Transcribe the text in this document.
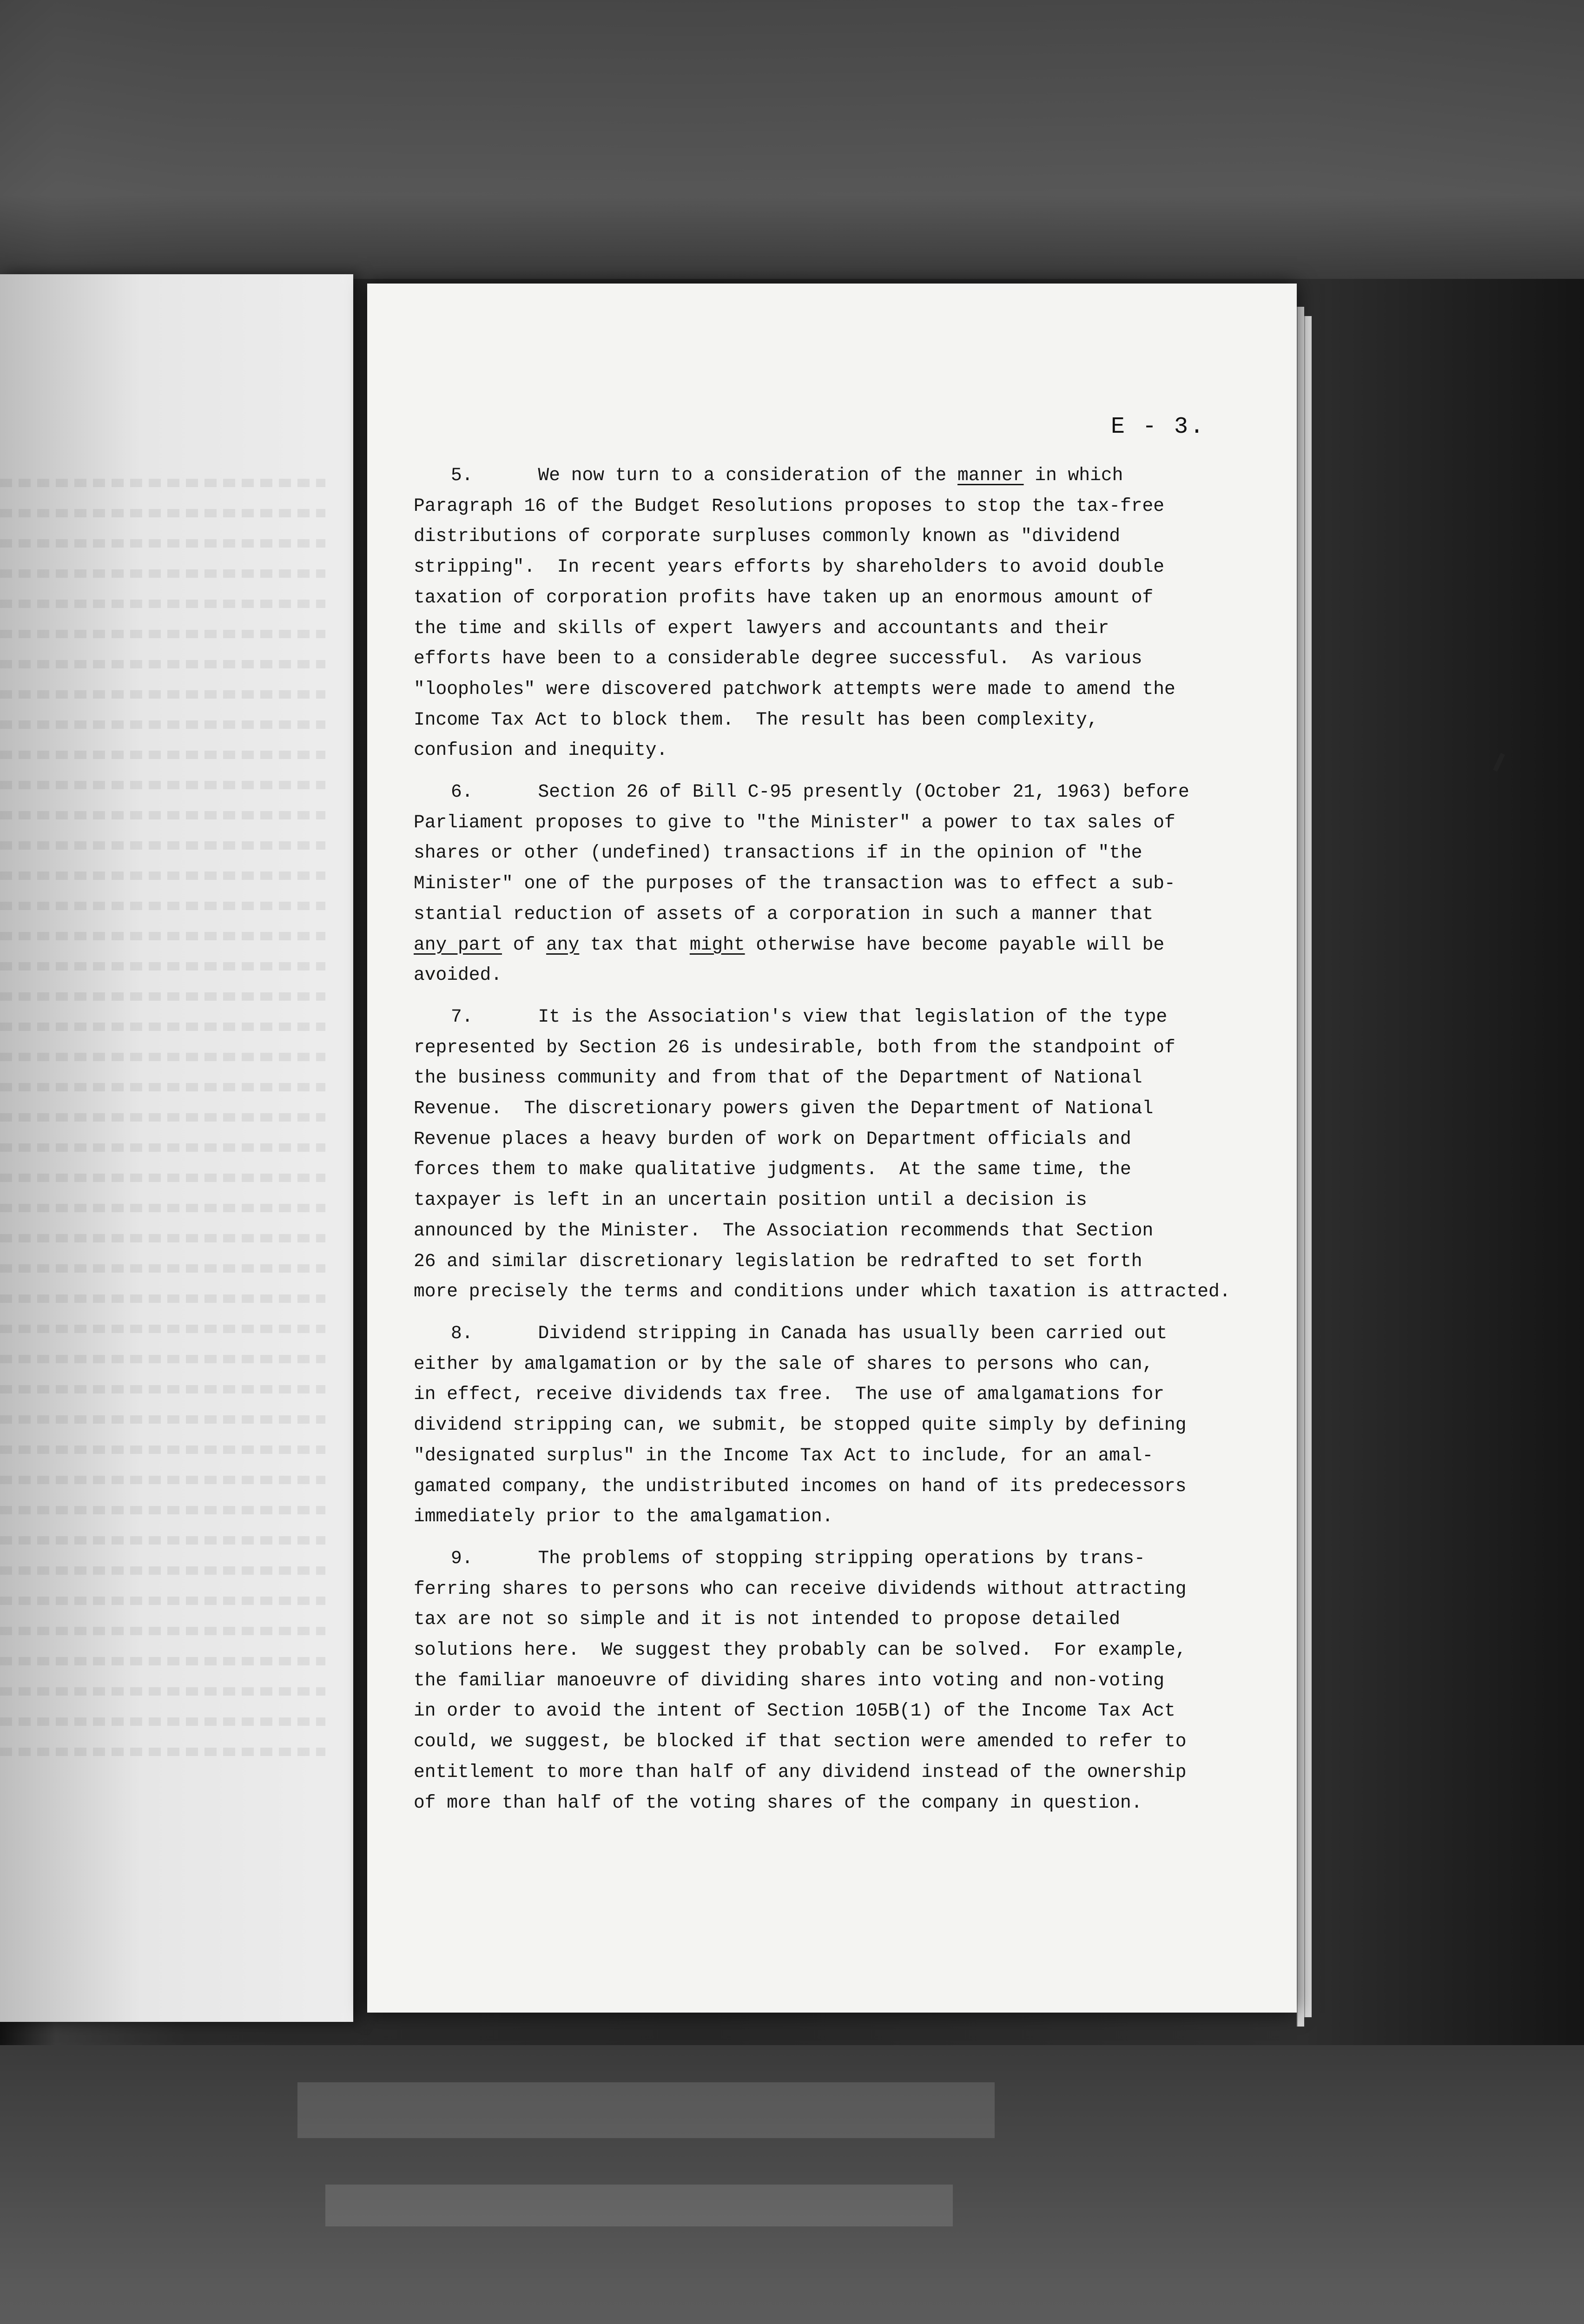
E - 3.
5.	We now turn to a consideration of the manner in which
Paragraph 16 of the Budget Resolutions proposes to stop the tax-free
distributions of corporate surpluses commonly known as "dividend
stripping".  In recent years efforts by shareholders to avoid double
taxation of corporation profits have taken up an enormous amount of
the time and skills of expert lawyers and accountants and their
efforts have been to a considerable degree successful.  As various
"loopholes" were discovered patchwork attempts were made to amend the
Income Tax Act to block them.  The result has been complexity,
confusion and inequity.
6.	Section 26 of Bill C-95 presently (October 21, 1963) before
Parliament proposes to give to "the Minister" a power to tax sales of
shares or other (undefined) transactions if in the opinion of "the
Minister" one of the purposes of the transaction was to effect a sub-
stantial reduction of assets of a corporation in such a manner that
any part of any tax that might otherwise have become payable will be
avoided.
7.	It is the Association's view that legislation of the type
represented by Section 26 is undesirable, both from the standpoint of
the business community and from that of the Department of National
Revenue.  The discretionary powers given the Department of National
Revenue places a heavy burden of work on Department officials and
forces them to make qualitative judgments.  At the same time, the
taxpayer is left in an uncertain position until a decision is
announced by the Minister.  The Association recommends that Section
26 and similar discretionary legislation be redrafted to set forth
more precisely the terms and conditions under which taxation is attracted.
8.	Dividend stripping in Canada has usually been carried out
either by amalgamation or by the sale of shares to persons who can,
in effect, receive dividends tax free.  The use of amalgamations for
dividend stripping can, we submit, be stopped quite simply by defining
"designated surplus" in the Income Tax Act to include, for an amal-
gamated company, the undistributed incomes on hand of its predecessors
immediately prior to the amalgamation.
9.	The problems of stopping stripping operations by trans-
ferring shares to persons who can receive dividends without attracting
tax are not so simple and it is not intended to propose detailed
solutions here.  We suggest they probably can be solved.  For example,
the familiar manoeuvre of dividing shares into voting and non-voting
in order to avoid the intent of Section 105B(1) of the Income Tax Act
could, we suggest, be blocked if that section were amended to refer to
entitlement to more than half of any dividend instead of the ownership
of more than half of the voting shares of the company in question.
